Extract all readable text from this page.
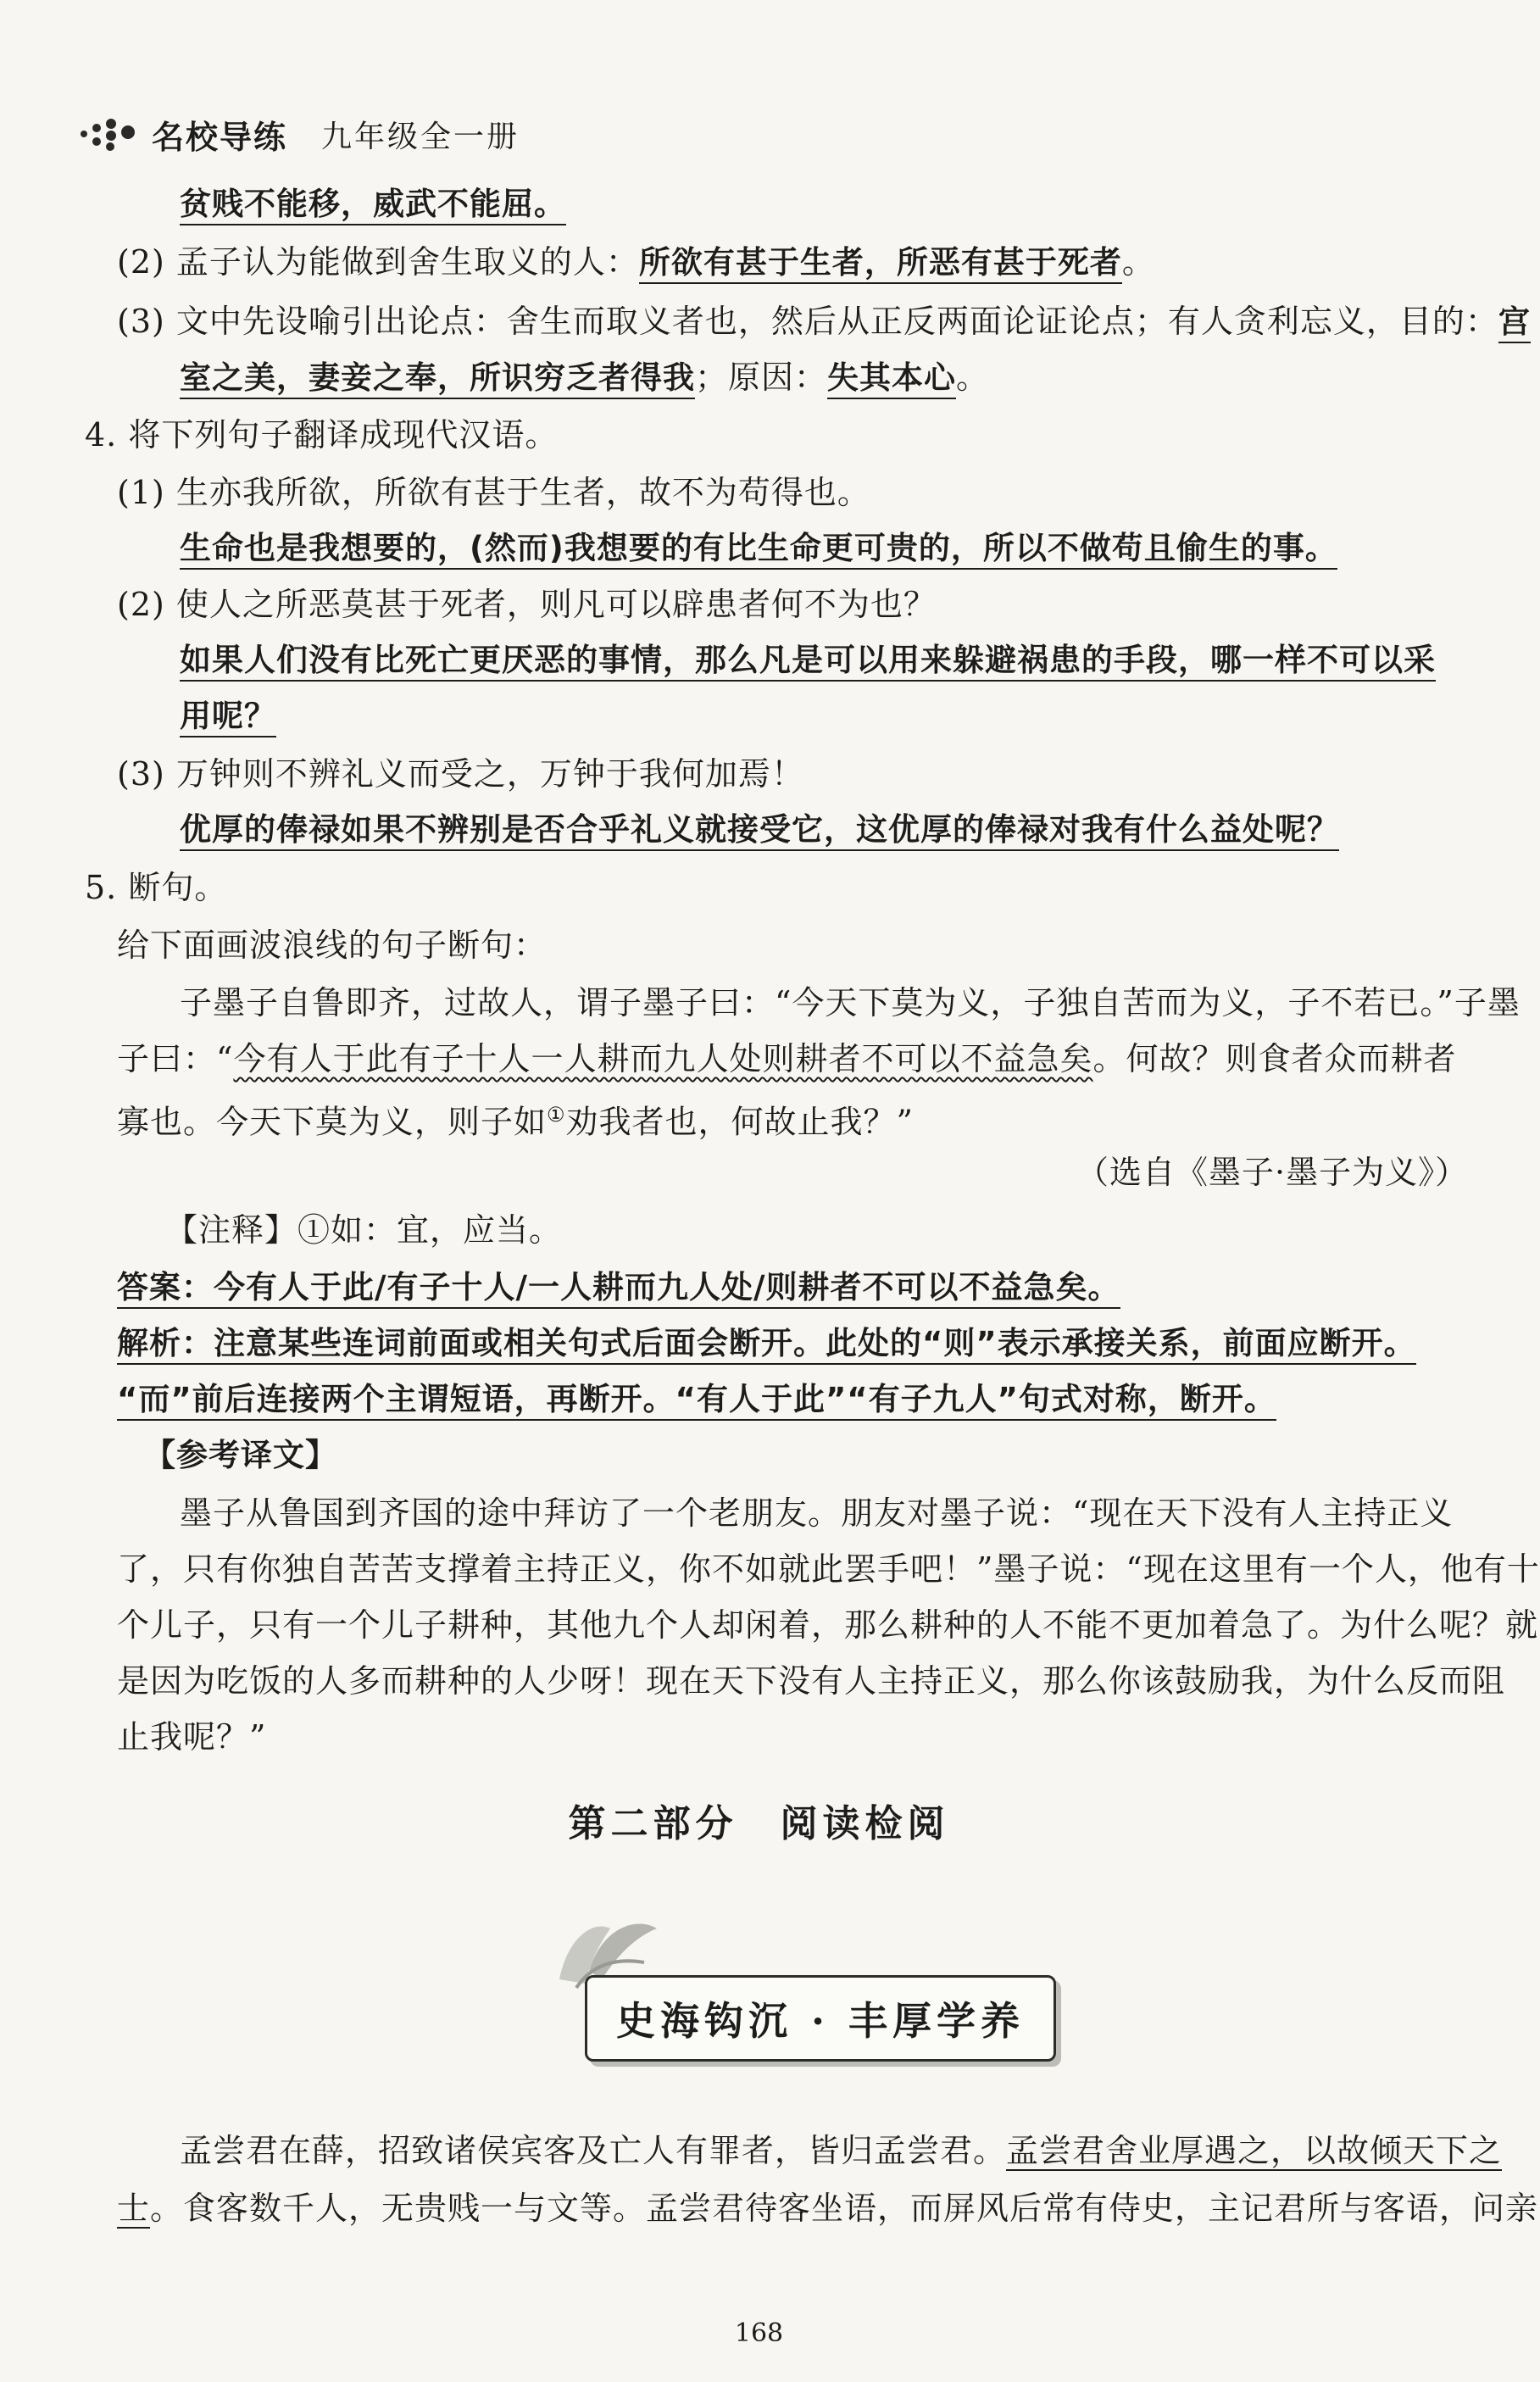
名校导练 九年级全一册
贫贱不能移，威武不能屈。
(2) 孟子认为能做到舍生取义的人：所欲有甚于生者，所恶有甚于死者。
(3) 文中先设喻引出论点：舍生而取义者也，然后从正反两面论证论点；有人贪利忘义，目的：宫
室之美，妻妾之奉，所识穷乏者得我；原因：失其本心。
4. 将下列句子翻译成现代汉语。
(1) 生亦我所欲，所欲有甚于生者，故不为苟得也。
生命也是我想要的，(然而)我想要的有比生命更可贵的，所以不做苟且偷生的事。
(2) 使人之所恶莫甚于死者，则凡可以辟患者何不为也？
如果人们没有比死亡更厌恶的事情，那么凡是可以用来躲避祸患的手段，哪一样不可以采
用呢？
(3) 万钟则不辨礼义而受之，万钟于我何加焉！
优厚的俸禄如果不辨别是否合乎礼义就接受它，这优厚的俸禄对我有什么益处呢？
5. 断句。
给下面画波浪线的句子断句：
子墨子自鲁即齐，过故人，谓子墨子曰：“今天下莫为义，子独自苦而为义，子不若已。”子墨
子曰：“今有人于此有子十人一人耕而九人处则耕者不可以不益急矣。何故？则食者众而耕者
寡也。今天下莫为义，则子如①劝我者也，何故止我？”
（选自《墨子·墨子为义》）
【注释】①如：宜，应当。
答案：今有人于此/有子十人/一人耕而九人处/则耕者不可以不益急矣。
解析：注意某些连词前面或相关句式后面会断开。此处的“则”表示承接关系，前面应断开。
“而”前后连接两个主谓短语，再断开。“有人于此”“有子九人”句式对称，断开。
【参考译文】
墨子从鲁国到齐国的途中拜访了一个老朋友。朋友对墨子说：“现在天下没有人主持正义
了，只有你独自苦苦支撑着主持正义，你不如就此罢手吧！”墨子说：“现在这里有一个人，他有十
个儿子，只有一个儿子耕种，其他九个人却闲着，那么耕种的人不能不更加着急了。为什么呢？就
是因为吃饭的人多而耕种的人少呀！现在天下没有人主持正义，那么你该鼓励我，为什么反而阻
止我呢？”
第二部分　阅读检阅
史海钩沉 · 丰厚学养
孟尝君在薛，招致诸侯宾客及亡人有罪者，皆归孟尝君。孟尝君舍业厚遇之，以故倾天下之
士。食客数千人，无贵贱一与文等。孟尝君待客坐语，而屏风后常有侍史，主记君所与客语，问亲
168
